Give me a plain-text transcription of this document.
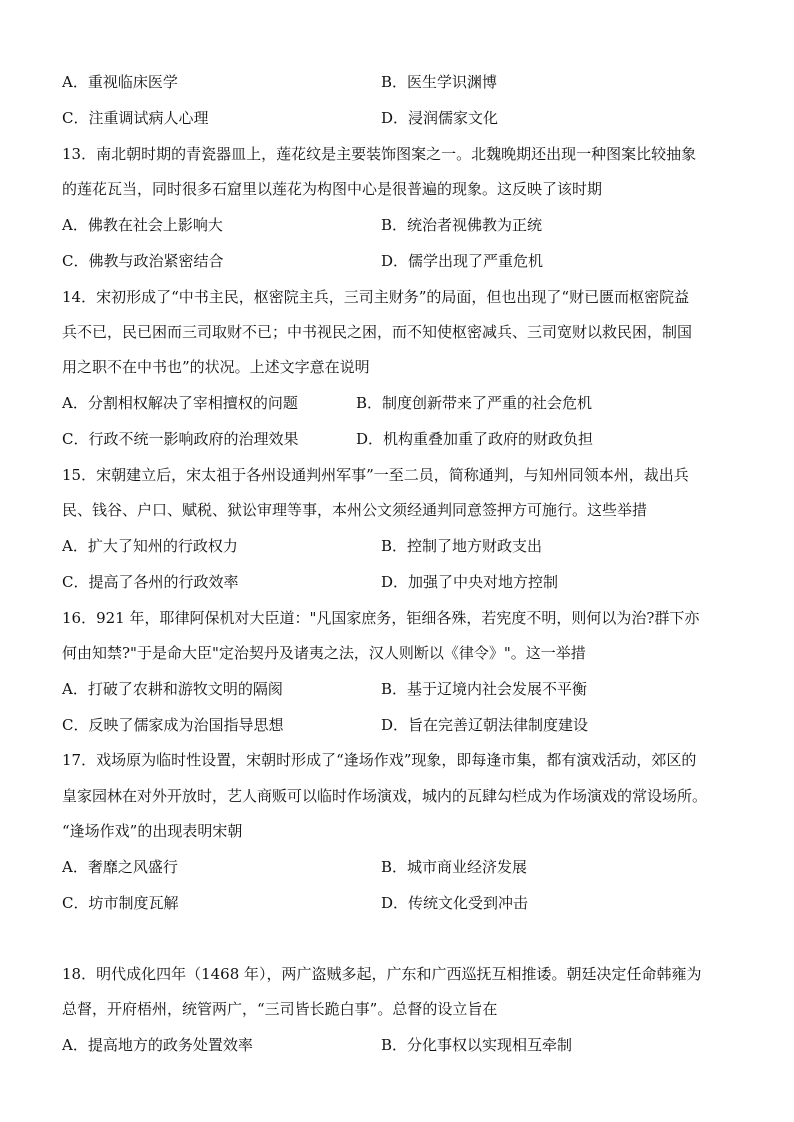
A．重视临床医学	B．医生学识渊博
C．注重调试病人心理	D．浸润儒家文化
13．南北朝时期的青瓷器皿上，莲花纹是主要装饰图案之一。北魏晚期还出现一种图案比较抽象
的莲花瓦当，同时很多石窟里以莲花为构图中心是很普遍的现象。这反映了该时期
A．佛教在社会上影响大	B．统治者视佛教为正统
C．佛教与政治紧密结合	D．儒学出现了严重危机
14．宋初形成了“中书主民，枢密院主兵，三司主财务”的局面，但也出现了“财已匮而枢密院益
兵不已，民已困而三司取财不已；中书视民之困，而不知使枢密减兵、三司宽财以救民困，制国
用之职不在中书也”的状况。上述文字意在说明
A．分割相权解决了宰相擅权的问题	B．制度创新带来了严重的社会危机
C．行政不统一影响政府的治理效果	D．机构重叠加重了政府的财政负担
15．宋朝建立后，宋太祖于各州设通判州军事”一至二员，简称通判，与知州同领本州，裁出兵
民、钱谷、户口、赋税、狱讼审理等事，本州公文须经通判同意签押方可施行。这些举措
A．扩大了知州的行政权力	B．控制了地方财政支出
C．提高了各州的行政效率	D．加强了中央对地方控制
16．921 年，耶律阿保机对大臣道："凡国家庶务，钜细各殊，若宪度不明，则何以为治?群下亦
何由知禁?"于是命大臣"定治契丹及诸夷之法，汉人则断以《律令》"。这一举措
A．打破了农耕和游牧文明的隔阂	B．基于辽境内社会发展不平衡
C．反映了儒家成为治国指导思想	D．旨在完善辽朝法律制度建设
17．戏场原为临时性设置，宋朝时形成了“逢场作戏”现象，即每逢市集，都有演戏活动，郊区的
皇家园林在对外开放时，艺人商贩可以临时作场演戏，城内的瓦肆勾栏成为作场演戏的常设场所。
“逢场作戏”的出现表明宋朝
A．奢靡之风盛行	B．城市商业经济发展
C．坊市制度瓦解	D．传统文化受到冲击
18．明代成化四年（1468 年），两广盗贼多起，广东和广西巡抚互相推诿。朝廷决定任命韩雍为
总督，开府梧州，统管两广，“三司皆长跪白事”。总督的设立旨在
A．提高地方的政务处置效率	B．分化事权以实现相互牵制
